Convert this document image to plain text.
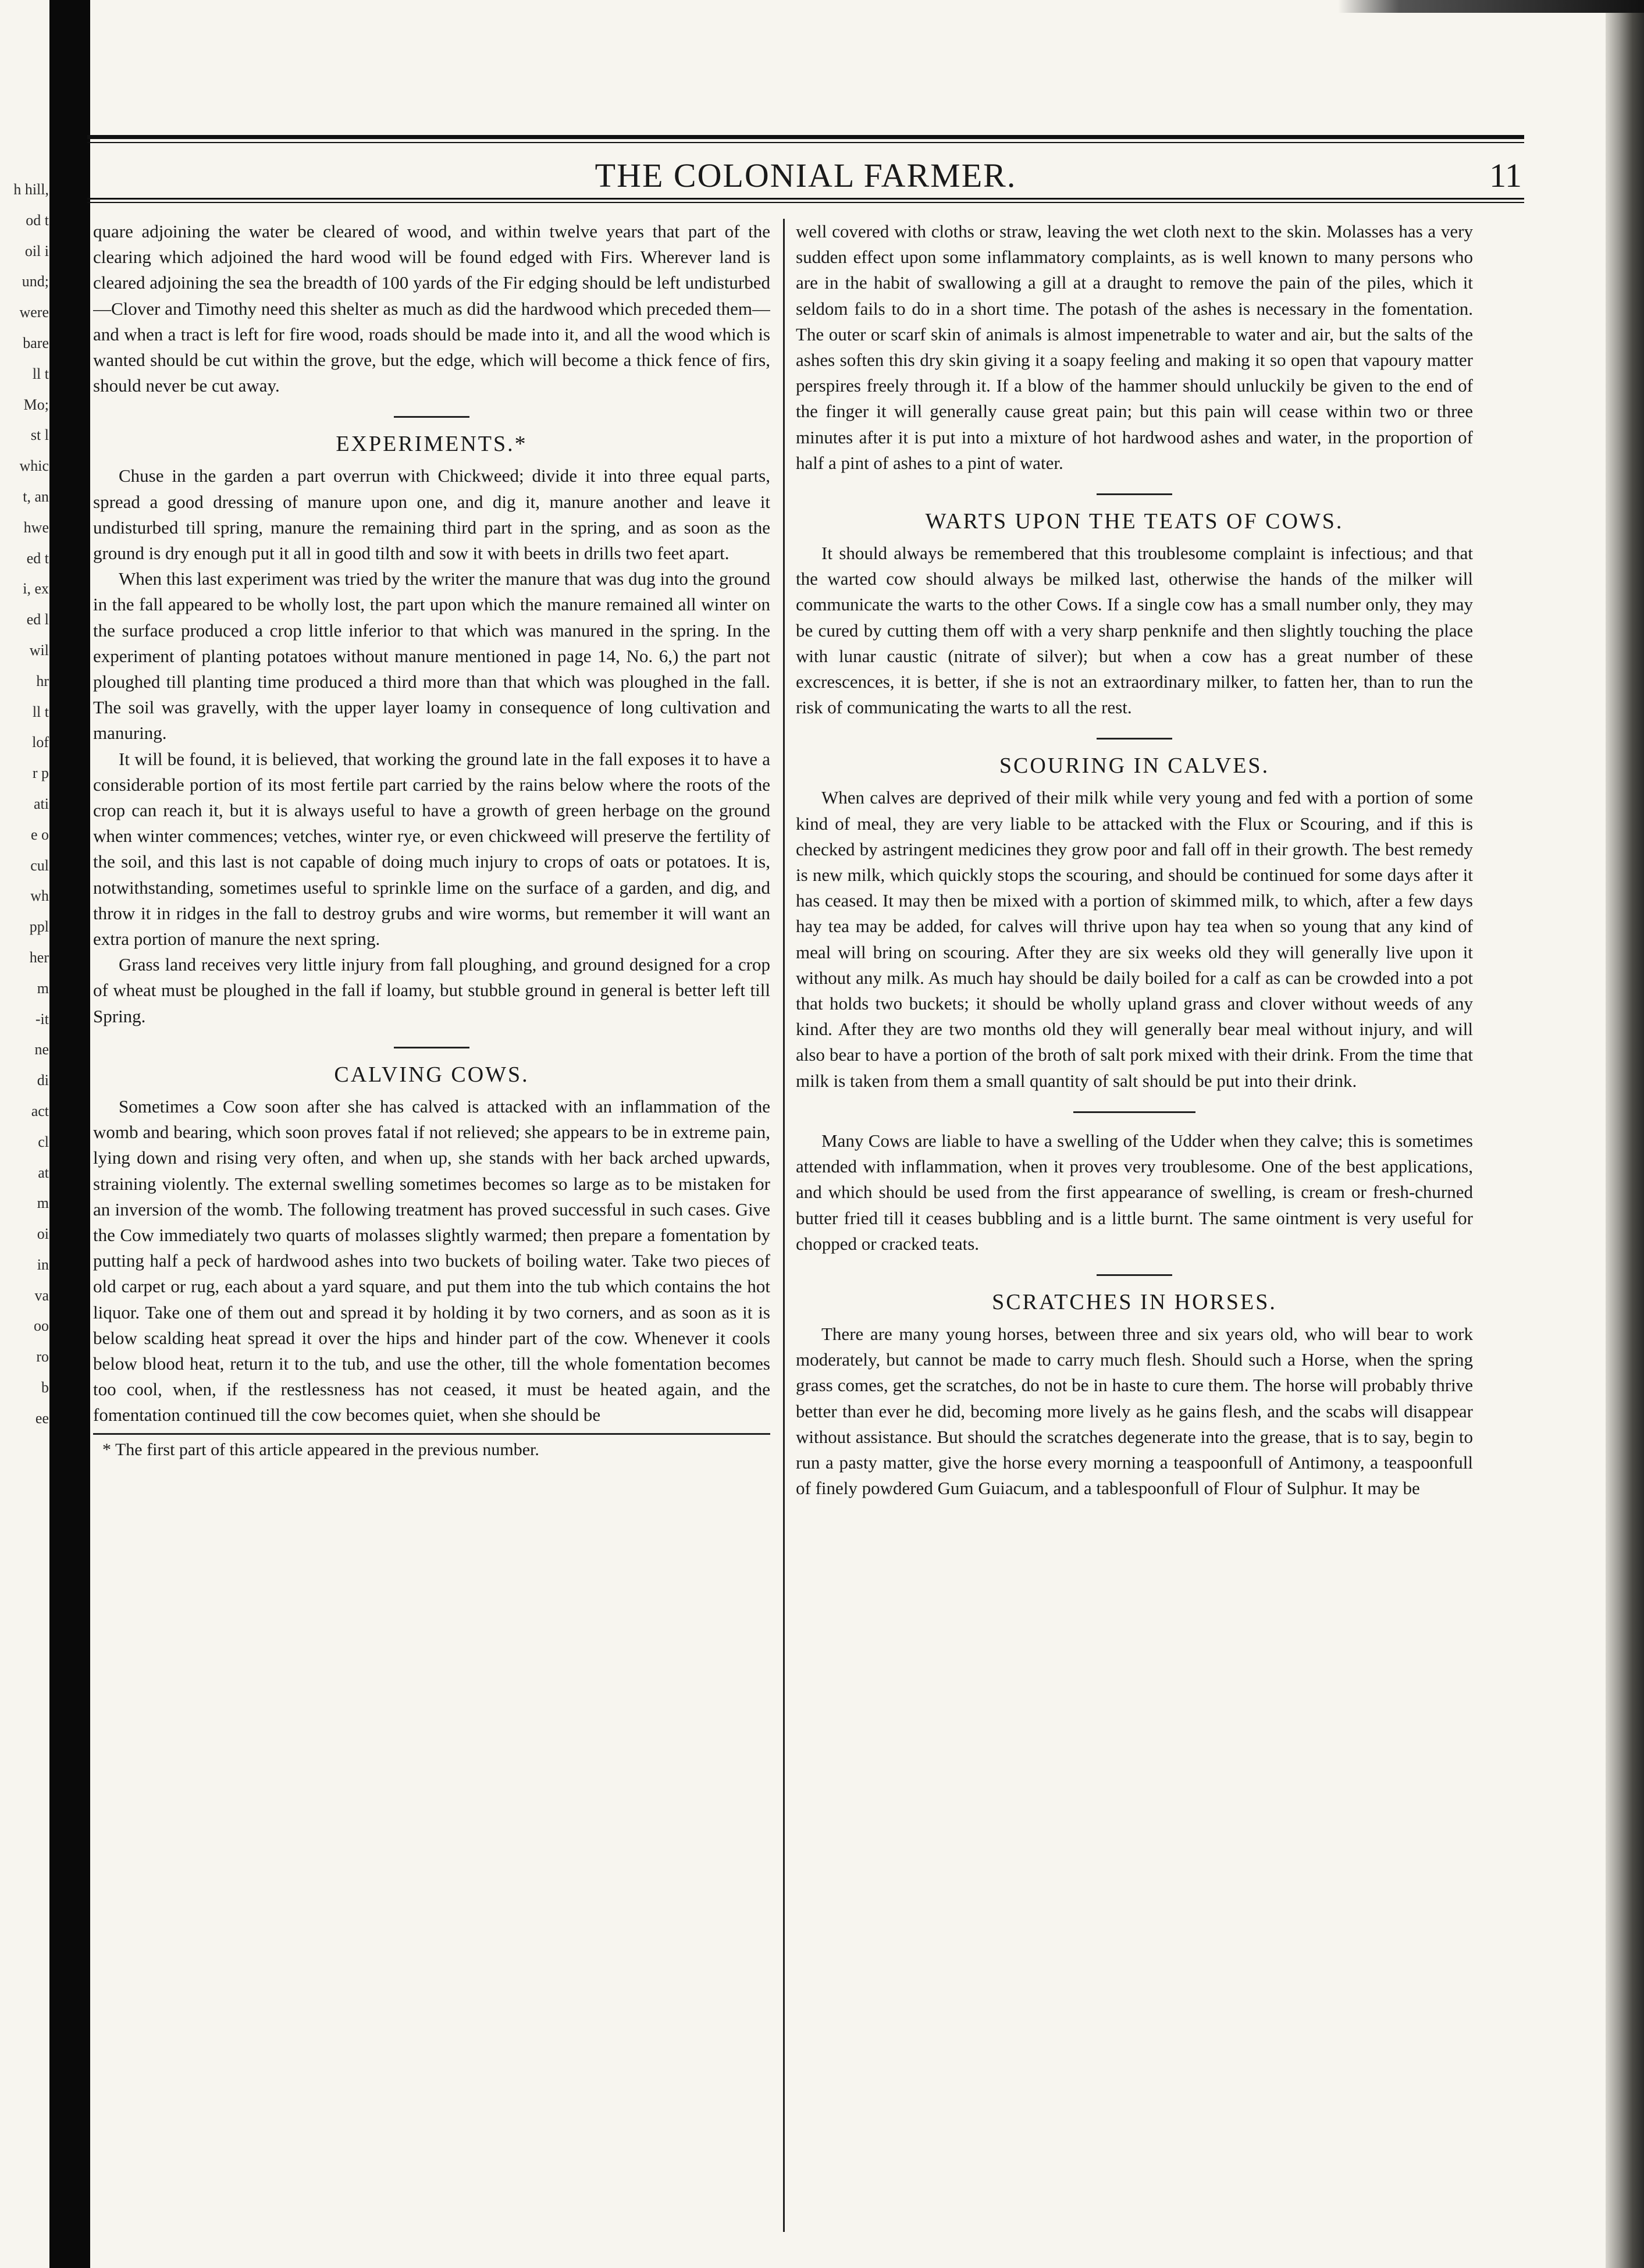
h hill,
od t
oil i
und;
were
bare
ll t
Mo;
st l
whic
t, an
hwe
ed t
i, ex
ed l
wil
hr
ll t
lof
r p
ati
e o
cul
wh
ppl
her
m
-it
ne
di
act
cl
at
m
oi
in
va
oo
ro
b
ee
THE COLONIAL FARMER.	11

quare adjoining the water be cleared of wood, and within twelve years that part of the clearing which adjoined the hard wood will be found edged with Firs. Wherever land is cleared adjoining the sea the breadth of 100 yards of the Fir edging should be left undisturbed—Clover and Timothy need this shelter as much as did the hardwood which preceded them—and when a tract is left for fire wood, roads should be made into it, and all the wood which is wanted should be cut within the grove, but the edge, which will become a thick fence of firs, should never be cut away.

EXPERIMENTS.*

Chuse in the garden a part overrun with Chickweed; divide it into three equal parts, spread a good dressing of manure upon one, and dig it, manure another and leave it undisturbed till spring, manure the remaining third part in the spring, and as soon as the ground is dry enough put it all in good tilth and sow it with beets in drills two feet apart.

When this last experiment was tried by the writer the manure that was dug into the ground in the fall appeared to be wholly lost, the part upon which the manure remained all winter on the surface produced a crop little inferior to that which was manured in the spring. In the experiment of planting potatoes without manure mentioned in page 14, No. 6,) the part not ploughed till planting time produced a third more than that which was ploughed in the fall. The soil was gravelly, with the upper layer loamy in consequence of long cultivation and manuring.

It will be found, it is believed, that working the ground late in the fall exposes it to have a considerable portion of its most fertile part carried by the rains below where the roots of the crop can reach it, but it is always useful to have a growth of green herbage on the ground when winter commences; vetches, winter rye, or even chickweed will preserve the fertility of the soil, and this last is not capable of doing much injury to crops of oats or potatoes. It is, notwithstanding, sometimes useful to sprinkle lime on the surface of a garden, and dig, and throw it in ridges in the fall to destroy grubs and wire worms, but remember it will want an extra portion of manure the next spring.

Grass land receives very little injury from fall ploughing, and ground designed for a crop of wheat must be ploughed in the fall if loamy, but stubble ground in general is better left till Spring.

CALVING COWS.

Sometimes a Cow soon after she has calved is attacked with an inflammation of the womb and bearing, which soon proves fatal if not relieved; she appears to be in extreme pain, lying down and rising very often, and when up, she stands with her back arched upwards, straining violently. The external swelling sometimes becomes so large as to be mistaken for an inversion of the womb. The following treatment has proved successful in such cases. Give the Cow immediately two quarts of molasses slightly warmed; then prepare a fomentation by putting half a peck of hardwood ashes into two buckets of boiling water. Take two pieces of old carpet or rug, each about a yard square, and put them into the tub which contains the hot liquor. Take one of them out and spread it by holding it by two corners, and as soon as it is below scalding heat spread it over the hips and hinder part of the cow. Whenever it cools below blood heat, return it to the tub, and use the other, till the whole fomentation becomes too cool, when, if the restlessness has not ceased, it must be heated again, and the fomentation continued till the cow becomes quiet, when she should be

* The first part of this article appeared in the previous number.

well covered with cloths or straw, leaving the wet cloth next to the skin. Molasses has a very sudden effect upon some inflammatory complaints, as is well known to many persons who are in the habit of swallowing a gill at a draught to remove the pain of the piles, which it seldom fails to do in a short time. The potash of the ashes is necessary in the fomentation. The outer or scarf skin of animals is almost impenetrable to water and air, but the salts of the ashes soften this dry skin giving it a soapy feeling and making it so open that vapoury matter perspires freely through it. If a blow of the hammer should unluckily be given to the end of the finger it will generally cause great pain; but this pain will cease within two or three minutes after it is put into a mixture of hot hardwood ashes and water, in the proportion of half a pint of ashes to a pint of water.

WARTS UPON THE TEATS OF COWS.

It should always be remembered that this troublesome complaint is infectious; and that the warted cow should always be milked last, otherwise the hands of the milker will communicate the warts to the other Cows. If a single cow has a small number only, they may be cured by cutting them off with a very sharp penknife and then slightly touching the place with lunar caustic (nitrate of silver); but when a cow has a great number of these excrescences, it is better, if she is not an extraordinary milker, to fatten her, than to run the risk of communicating the warts to all the rest.

SCOURING IN CALVES.

When calves are deprived of their milk while very young and fed with a portion of some kind of meal, they are very liable to be attacked with the Flux or Scouring, and if this is checked by astringent medicines they grow poor and fall off in their growth. The best remedy is new milk, which quickly stops the scouring, and should be continued for some days after it has ceased. It may then be mixed with a portion of skimmed milk, to which, after a few days hay tea may be added, for calves will thrive upon hay tea when so young that any kind of meal will bring on scouring. After they are six weeks old they will generally live upon it without any milk. As much hay should be daily boiled for a calf as can be crowded into a pot that holds two buckets; it should be wholly upland grass and clover without weeds of any kind. After they are two months old they will generally bear meal without injury, and will also bear to have a portion of the broth of salt pork mixed with their drink. From the time that milk is taken from them a small quantity of salt should be put into their drink.

Many Cows are liable to have a swelling of the Udder when they calve; this is sometimes attended with inflammation, when it proves very troublesome. One of the best applications, and which should be used from the first appearance of swelling, is cream or fresh-churned butter fried till it ceases bubbling and is a little burnt. The same ointment is very useful for chopped or cracked teats.

SCRATCHES IN HORSES.

There are many young horses, between three and six years old, who will bear to work moderately, but cannot be made to carry much flesh. Should such a Horse, when the spring grass comes, get the scratches, do not be in haste to cure them. The horse will probably thrive better than ever he did, becoming more lively as he gains flesh, and the scabs will disappear without assistance. But should the scratches degenerate into the grease, that is to say, begin to run a pasty matter, give the horse every morning a teaspoonfull of Antimony, a teaspoonfull of finely powdered Gum Guiacum, and a tablespoonfull of Flour of Sulphur. It may be
